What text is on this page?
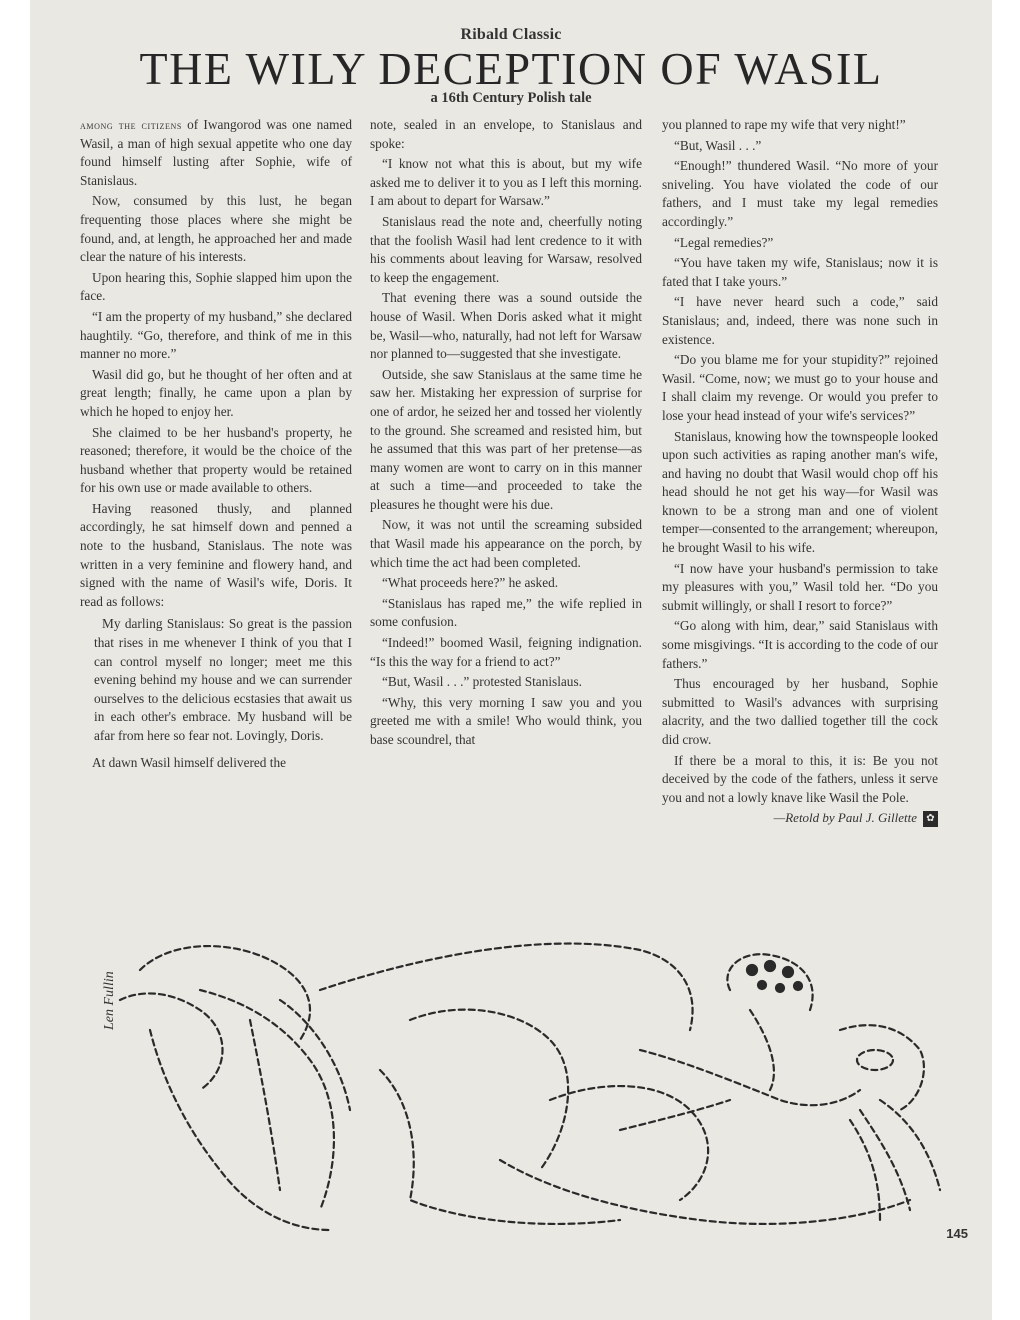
Ribald Classic
THE WILY DECEPTION OF WASIL
a 16th Century Polish tale

among the citizens of Iwangorod was one named Wasil, a man of high sexual appetite who one day found himself lusting after Sophie, wife of Stanislaus.

Now, consumed by this lust, he began frequenting those places where she might be found, and, at length, he approached her and made clear the nature of his interests.

Upon hearing this, Sophie slapped him upon the face.

“I am the property of my husband,” she declared haughtily. “Go, therefore, and think of me in this manner no more.”

Wasil did go, but he thought of her often and at great length; finally, he came upon a plan by which he hoped to enjoy her.

She claimed to be her husband's property, he reasoned; therefore, it would be the choice of the husband whether that property would be retained for his own use or made available to others.

Having reasoned thusly, and planned accordingly, he sat himself down and penned a note to the husband, Stanislaus. The note was written in a very feminine and flowery hand, and signed with the name of Wasil's wife, Doris. It read as follows:

My darling Stanislaus: So great is the passion that rises in me whenever I think of you that I can control myself no longer; meet me this evening behind my house and we can surrender ourselves to the delicious ecstasies that await us in each other's embrace. My husband will be afar from here so fear not. Lovingly, Doris.

At dawn Wasil himself delivered the

note, sealed in an envelope, to Stanislaus and spoke:

“I know not what this is about, but my wife asked me to deliver it to you as I left this morning. I am about to depart for Warsaw.”

Stanislaus read the note and, cheerfully noting that the foolish Wasil had lent credence to it with his comments about leaving for Warsaw, resolved to keep the engagement.

That evening there was a sound outside the house of Wasil. When Doris asked what it might be, Wasil—who, naturally, had not left for Warsaw nor planned to—suggested that she investigate.

Outside, she saw Stanislaus at the same time he saw her. Mistaking her expression of surprise for one of ardor, he seized her and tossed her violently to the ground. She screamed and resisted him, but he assumed that this was part of her pretense—as many women are wont to carry on in this manner at such a time—and proceeded to take the pleasures he thought were his due.

Now, it was not until the screaming subsided that Wasil made his appearance on the porch, by which time the act had been completed.

“What proceeds here?” he asked.

“Stanislaus has raped me,” the wife replied in some confusion.

“Indeed!” boomed Wasil, feigning indignation. “Is this the way for a friend to act?”

“But, Wasil . . .” protested Stanislaus.

“Why, this very morning I saw you and you greeted me with a smile! Who would think, you base scoundrel, that

you planned to rape my wife that very night!”

“But, Wasil . . .”

“Enough!” thundered Wasil. “No more of your sniveling. You have violated the code of our fathers, and I must take my legal remedies accordingly.”

“Legal remedies?”

“You have taken my wife, Stanislaus; now it is fated that I take yours.”

“I have never heard such a code,” said Stanislaus; and, indeed, there was none such in existence.

“Do you blame me for your stupidity?” rejoined Wasil. “Come, now; we must go to your house and I shall claim my revenge. Or would you prefer to lose your head instead of your wife's services?”

Stanislaus, knowing how the townspeople looked upon such activities as raping another man's wife, and having no doubt that Wasil would chop off his head should he not get his way—for Wasil was known to be a strong man and one of violent temper—consented to the arrangement; whereupon, he brought Wasil to his wife.

“I now have your husband's permission to take my pleasures with you,” Wasil told her. “Do you submit willingly, or shall I resort to force?”

“Go along with him, dear,” said Stanislaus with some misgivings. “It is according to the code of our fathers.”

Thus encouraged by her husband, Sophie submitted to Wasil's advances with surprising alacrity, and the two dallied together till the cock did crow.

If there be a moral to this, it is: Be you not deceived by the code of the fathers, unless it serve you and not a lowly knave like Wasil the Pole.

—Retold by Paul J. Gillette ✿
Len Fullin
145
